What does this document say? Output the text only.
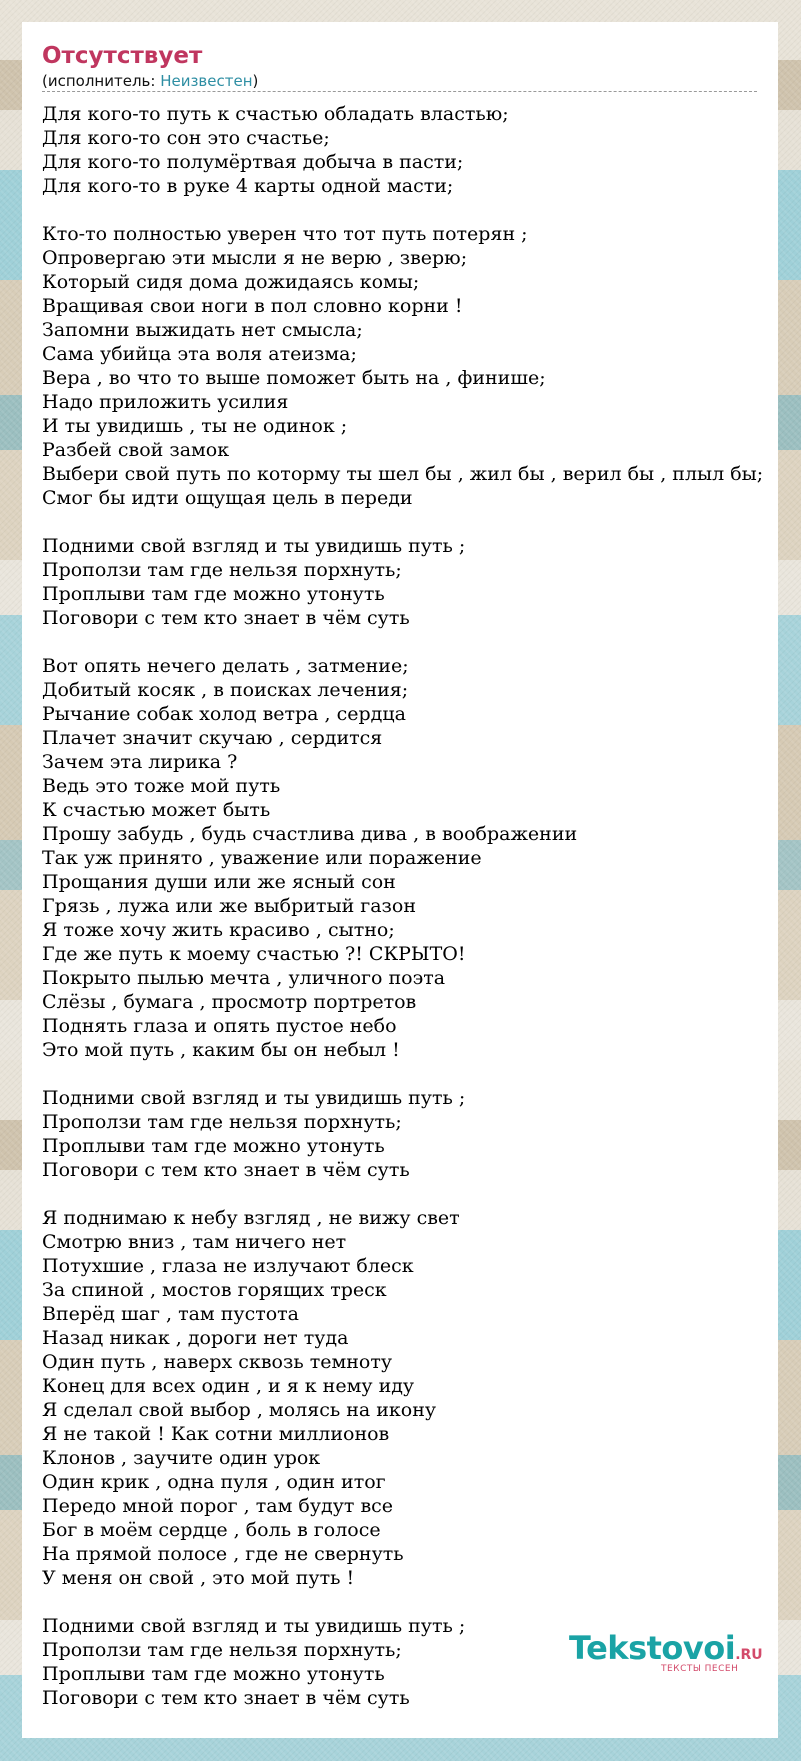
Отсутствует
(исполнитель: Неизвестен)
Для кого-то путь к счастью обладать властью;
Для кого-то сон это счастье;
Для кого-то полумёртвая добыча в пасти;
Для кого-то в руке 4 карты одной масти;
Кто-то полностью уверен что тот путь потерян ;
Опровергаю эти мысли я не верю , зверю;
Который сидя дома дожидаясь комы;
Вращивая свои ноги в пол словно корни !
Запомни выжидать нет смысла;
Сама убийца эта воля атеизма;
Вера , во что то выше поможет быть на , финише;
Надо приложить усилия
И ты увидишь , ты не одинок ;
Разбей свой замок
Выбери свой путь по которму ты шел бы , жил бы , верил бы , плыл бы;
Смог бы идти ощущая цель в переди
Подними свой взгляд и ты увидишь путь ;
Проползи там где нельзя порхнуть;
Проплыви там где можно утонуть
Поговори с тем кто знает в чём суть
Вот опять нечего делать , затмение;
Добитый косяк , в поисках лечения;
Рычание собак холод ветра , сердца
Плачет значит скучаю , сердится
Зачем эта лирика ?
Ведь это тоже мой путь
К счастью может быть
Прошу забудь , будь счастлива дива , в воображении
Так уж принято , уважение или поражение
Прощания души или же ясный сон
Грязь , лужа или же выбритый газон
Я тоже хочу жить красиво , сытно;
Где же путь к моему счастью ?! СКРЫТО!
Покрыто пылью мечта , уличного поэта
Слёзы , бумага , просмотр портретов
Поднять глаза и опять пустое небо
Это мой путь , каким бы он небыл !
Подними свой взгляд и ты увидишь путь ;
Проползи там где нельзя порхнуть;
Проплыви там где можно утонуть
Поговори с тем кто знает в чём суть
Я поднимаю к небу взгляд , не вижу свет
Смотрю вниз , там ничего нет
Потухшие , глаза не излучают блеск
За спиной , мостов горящих треск
Вперёд шаг , там пустота
Назад никак , дороги нет туда
Один путь , наверх сквозь темноту
Конец для всех один , и я к нему иду
Я сделал свой выбор , молясь на икону
Я не такой ! Как сотни миллионов
Клонов , заучите один урок
Один крик , одна пуля , один итог
Передо мной порог , там будут все
Бог в моём сердце , боль в голосе
На прямой полосе , где не свернуть
У меня он свой , это мой путь !
Подними свой взгляд и ты увидишь путь ;
Проползи там где нельзя порхнуть;
Проплыви там где можно утонуть
Поговори с тем кто знает в чём суть
Tekstovoi.RU
ТЕКСТЫ ПЕСЕН
